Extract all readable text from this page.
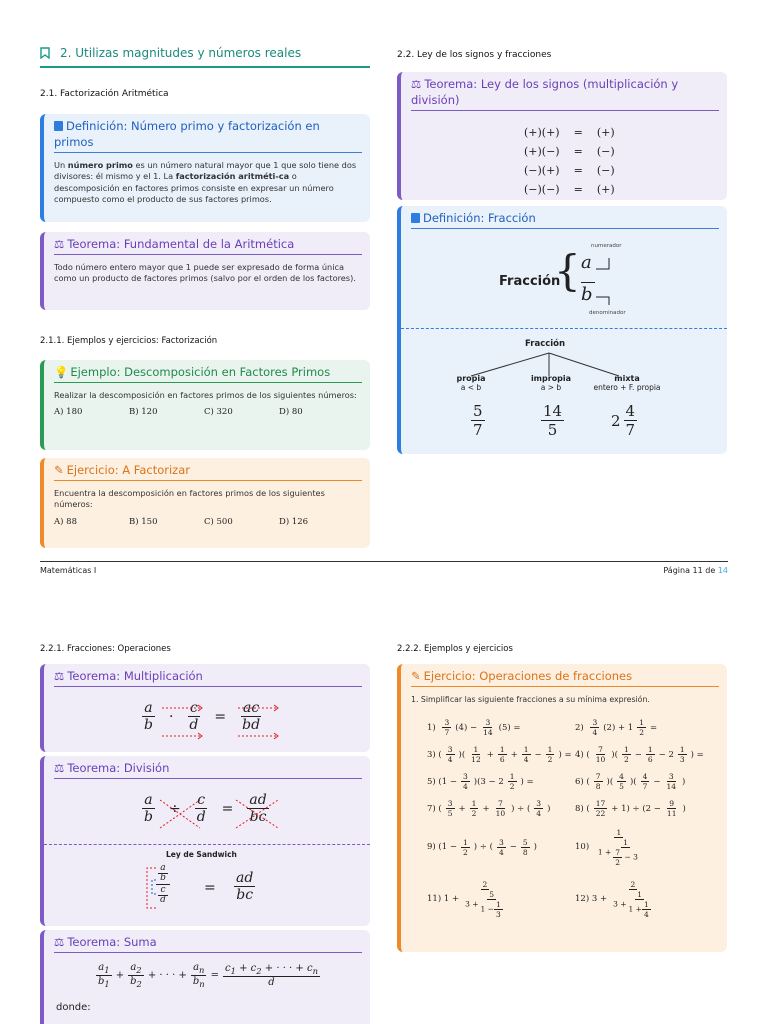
2. Utilizas magnitudes y números reales
2.1. Factorización Aritmética
Definición: Número primo y factorización en primos
Un número primo es un número natural mayor que 1 que solo tiene dos divisores: él mismo y el 1. La factorización aritméti-ca o descomposición en factores primos consiste en expresar un número compuesto como el producto de sus factores primos.
⚖ Teorema: Fundamental de la Aritmética
Todo número entero mayor que 1 puede ser expresado de forma única como un producto de factores primos (salvo por el orden de los factores).
2.1.1. Ejemplos y ejercicios: Factorización
💡 Ejemplo: Descomposición en Factores Primos
Realizar la descomposición en factores primos de los siguientes números:
A) 180	B) 120	C) 320	D) 80
✎ Ejercicio: A Factorizar
Encuentra la descomposición en factores primos de los siguientes números:
A) 88	B) 150	C) 500	D) 126
2.2. Ley de los signos y fracciones
⚖ Teorema: Ley de los signos (multiplicación y división)
(+)(+)	=	(+)
(+)(−)	=	(−)
(−)(+)	=	(−)
(−)(−)	=	(+)
Definición: Fracción
Fracción
{ a
b
numerador
denominador
Fracción
propia
a < b
impropia
a > b
mixta
entero + F. propia
$\frac{5}{7}$	$\frac{14}{5}$	$2 \frac{4}{7}$
Matemáticas I	Página 11 de 14
2.2.1. Fracciones: Operaciones	2.2.2. Ejemplos y ejercicios
⚖ Teorema: Multiplicación
$\frac{a}{b} \cdot \frac{c}{d} = \frac{ac}{bd}$
⚖ Teorema: División
$\frac{a}{b} \div \frac{c}{d} = \frac{ad}{bc}$
Ley de Sandwich
$\frac{a}{b}$
$\frac{c}{d}$	= $\frac{ad}{bc}$
⚖ Teorema: Suma
$\frac{a_1}{b_1} + \frac{a_2}{b_2}$ + · · · + $\frac{a_n}{b_n} = \frac{c_1 + c_2 + \cdot \cdot \cdot + c_n}{d}$
donde:
✎ Ejercicio: Operaciones de fracciones
1. Simplificar las siguiente fracciones a su mínima expresión.
$1) \frac{3}{7} (4) - \frac{3}{14} (5)$ =	$2) \frac{3}{4} (2) + 1 \frac{1}{2}$ =
3) ( $\frac{3}{4}$ )( $\frac{1}{12} + \frac{1}{6} + \frac{1}{4} - \frac{1}{2}$ ) = 4) ( $\frac{7}{10}$ )( $\frac{1}{2} - \frac{1}{6} - 2 \frac{1}{3}$ ) =
5) $(1 - \frac{3}{4} )(3 - 2 \frac{1}{2}$ ) =	6) ( $\frac{7}{8}$ )( $\frac{4}{5}$ )( $\frac{4}{7} - \frac{3}{14}$ )
7) ( $\frac{3}{5} + \frac{1}{2} + \frac{7}{10}$ ) ÷ ( $\frac{3}{4}$ )	8) ( $\frac{17}{22} + 1) \div (2 - \frac{9}{11}$ )
9) ($1 - \frac{1}{2}$ ) ÷ ( $\frac{3}{4} - \frac{5}{8}$ )	$10) \frac{1}{1 + \frac{1}{\frac{7}{2} - 3}}$
11) $1 + \frac{2}{3 + \frac{5}{1 - \frac{1}{3}}}$	12) $3 + \frac{2}{3 + \frac{1}{1 + \frac{1}{4}}}$
